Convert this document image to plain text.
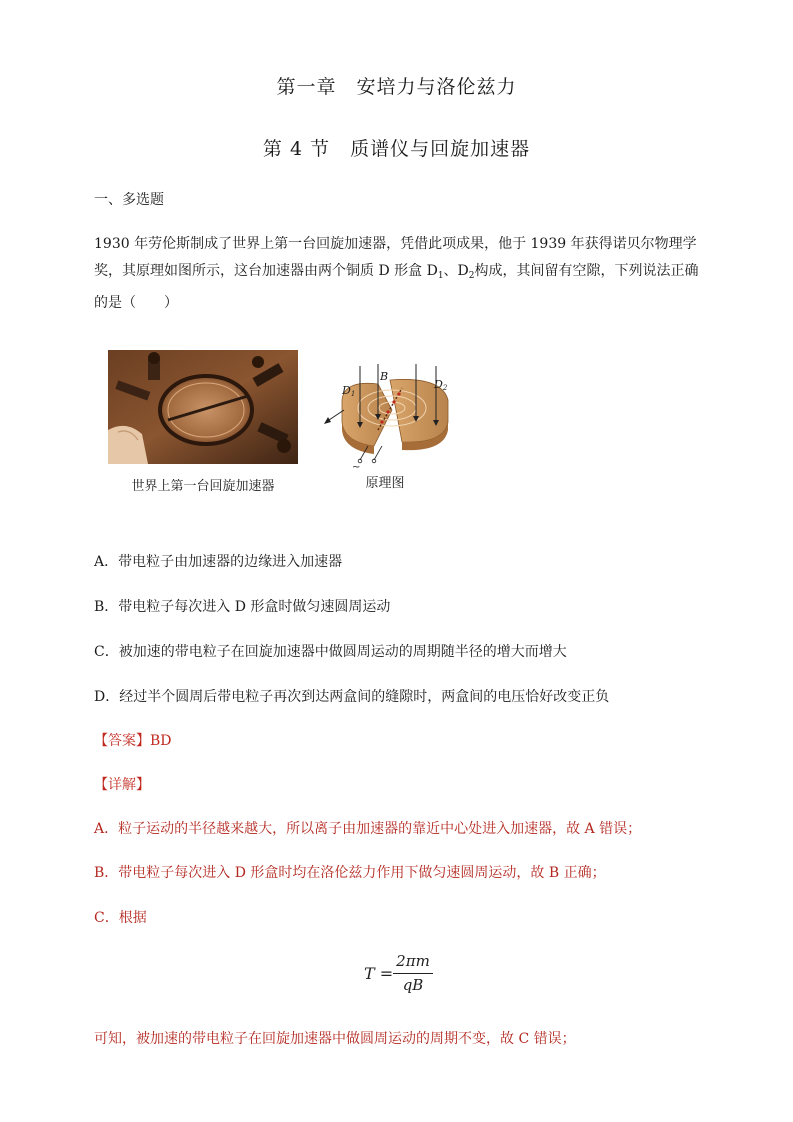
第一章　安培力与洛伦兹力
第 4 节　质谱仪与回旋加速器
一、多选题
1930 年劳伦斯制成了世界上第一台回旋加速器，凭借此项成果，他于 1939 年获得诺贝尔物理学奖，其原理如图所示，这台加速器由两个铜质 D 形盒 $D_1$、$D_2$构成，其间留有空隙，下列说法正确的是（　　）
世界上第一台回旋加速器
D1
B
D2
~
原理图
A．带电粒子由加速器的边缘进入加速器
B．带电粒子每次进入 D 形盒时做匀速圆周运动
C．被加速的带电粒子在回旋加速器中做圆周运动的周期随半径的增大而增大
D．经过半个圆周后带电粒子再次到达两盒间的缝隙时，两盒间的电压恰好改变正负
【答案】BD
【详解】
A．粒子运动的半径越来越大，所以离子由加速器的靠近中心处进入加速器，故 A 错误；
B．带电粒子每次进入 D 形盒时均在洛伦兹力作用下做匀速圆周运动，故 B 正确；
C．根据
T =
2πm
qB
可知，被加速的带电粒子在回旋加速器中做圆周运动的周期不变，故 C 错误；
